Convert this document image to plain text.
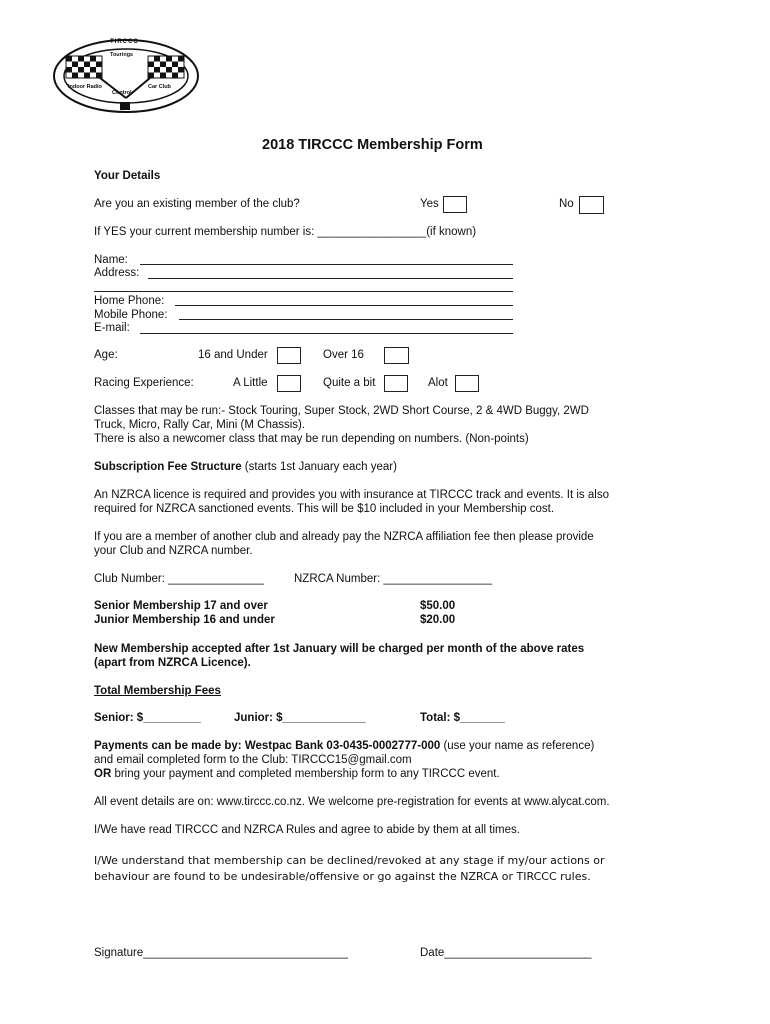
TIRCCC
Tourings
Indoor Radio	Car Club
Control
2018 TIRCCC Membership Form
Your Details
Are you an existing member of the club?	Yes	No
If YES your current membership number is: _________________(if known)
Name:
Address:
Home Phone:
Mobile Phone:
E-mail:
Age:	16 and Under	Over 16
Racing Experience:	A Little	Quite a bit	Alot
Classes that may be run:- Stock Touring, Super Stock, 2WD Short Course, 2 & 4WD Buggy, 2WD
Truck, Micro, Rally Car, Mini (M Chassis).
There is also a newcomer class that may be run depending on numbers. (Non-points)
Subscription Fee Structure (starts 1st January each year)
An NZRCA licence is required and provides you with insurance at TIRCCC track and events. It is also
required for NZRCA sanctioned events. This will be $10 included in your Membership cost.
If you are a member of another club and already pay the NZRCA affiliation fee then please provide
your Club and NZRCA number.
Club Number: _______________	NZRCA Number: _________________
Senior Membership 17 and over	$50.00
Junior Membership 16 and under	$20.00
New Membership accepted after 1st January will be charged per month of the above rates
(apart from NZRCA Licence).
Total Membership Fees
Senior: $_________	Junior: $_____________	Total: $_______
Payments can be made by: Westpac Bank 03-0435-0002777-000 (use your name as reference)
and email completed form to the Club: TIRCCC15@gmail.com
OR bring your payment and completed membership form to any TIRCCC event.
All event details are on: www.tirccc.co.nz. We welcome pre-registration for events at www.alycat.com.
I/We have read TIRCCC and NZRCA Rules and agree to abide by them at all times.
I/We understand that membership can be declined/revoked at any stage if my/our actions or
behaviour are found to be undesirable/offensive or go against the NZRCA or TIRCCC rules.
Signature________________________________	Date_______________________
